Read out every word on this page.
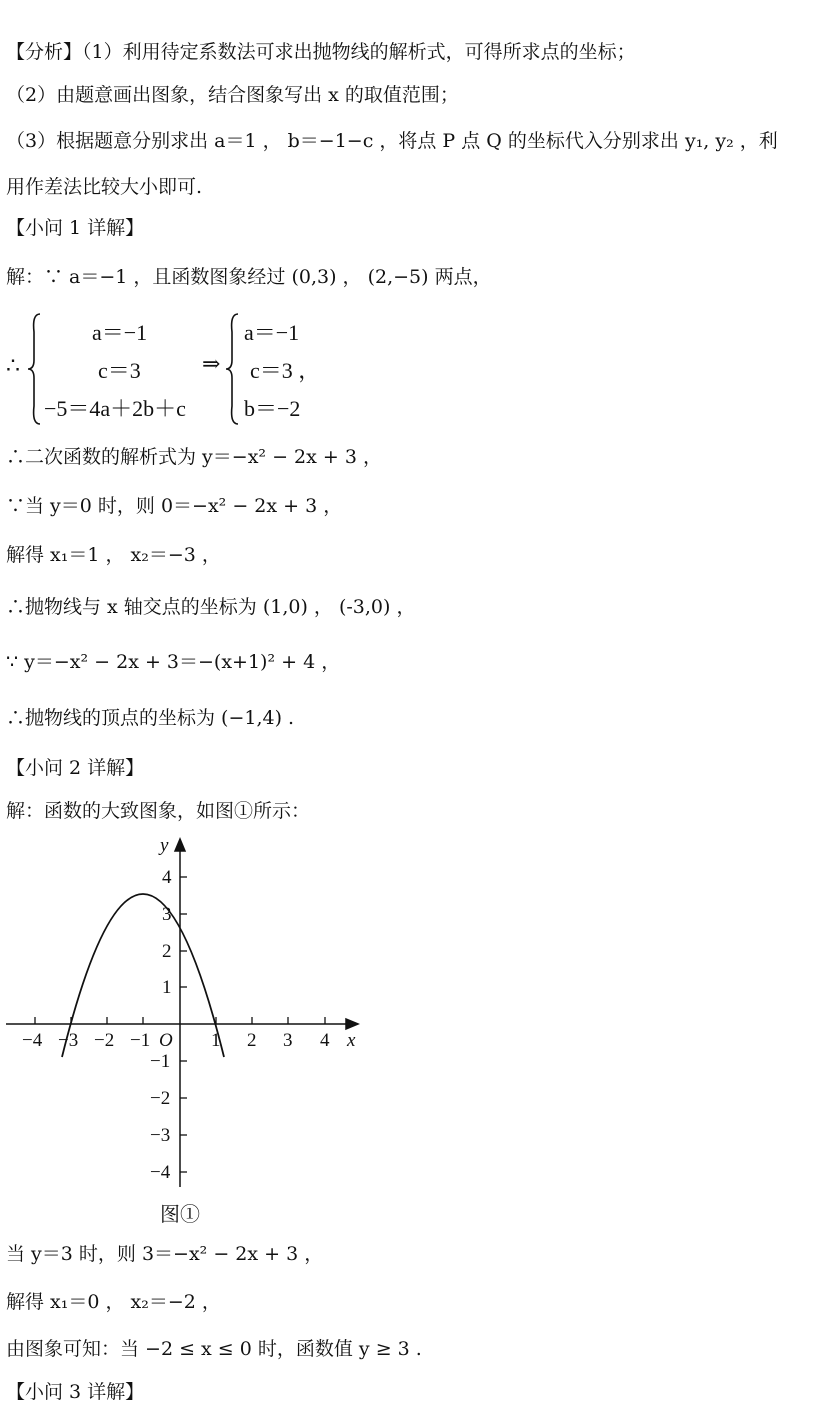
【分析】（1）利用待定系数法可求出抛物线的解析式，可得所求点的坐标；
（2）由题意画出图象，结合图象写出 x 的取值范围；
（3）根据题意分别求出 a＝1 ， b＝−1−c ，将点 P 点 Q 的坐标代入分别求出 y₁, y₂ ，利
用作差法比较大小即可.
【小问 1 详解】
解：∵ a＝−1 ，且函数图象经过 (0,3) ， (2,−5) 两点，
∴
a＝−1
c＝3
−5＝4a＋2b＋c
⇒
a＝−1
c＝3 ，
b＝−2
∴二次函数的解析式为 y＝−x² − 2x + 3 ，
∵当 y＝0 时，则 0＝−x² − 2x + 3 ，
解得 x₁＝1 ， x₂＝−3 ，
∴抛物线与 x 轴交点的坐标为 (1,0) ， (-3,0) ，
∵ y＝−x² − 2x + 3＝−(x+1)² + 4 ，
∴抛物线的顶点的坐标为 (−1,4) .
【小问 2 详解】
解：函数的大致图象，如图①所示：
−4 −3 −2 −1 O 1 2 3 4 x
y
4
3
2
1
−1
−2
−3
−4
图①
当 y＝3 时，则 3＝−x² − 2x + 3 ，
解得 x₁＝0 ， x₂＝−2 ，
由图象可知：当 −2 ≤ x ≤ 0 时，函数值 y ≥ 3 .
【小问 3 详解】
